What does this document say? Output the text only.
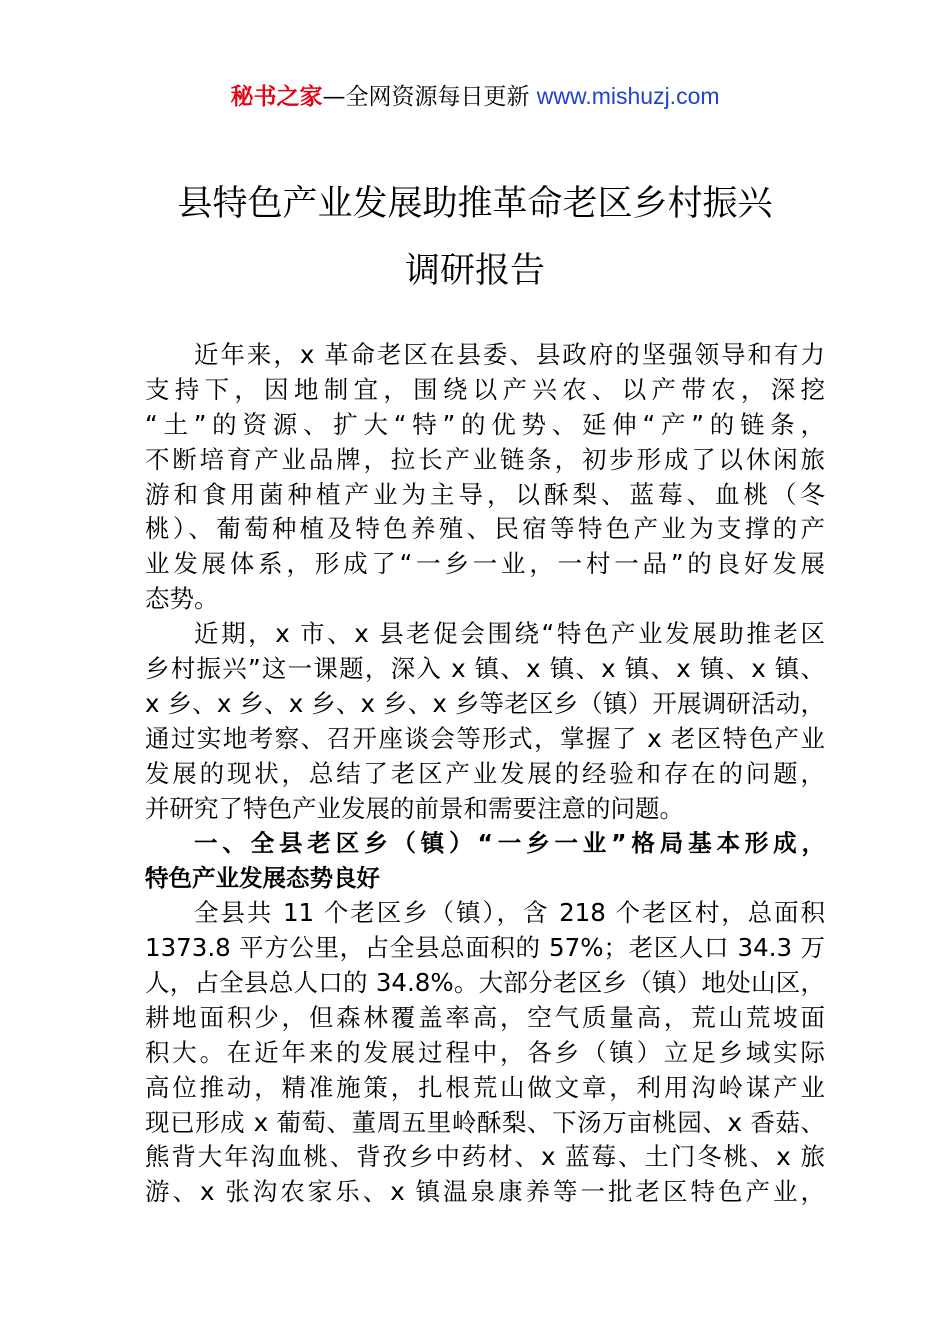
秘书之家—全网资源每日更新 www.mishuzj.com
县特色产业发展助推革命老区乡村振兴
调研报告
近年来，x 革命老区在县委、县政府的坚强领导和有力
支持下，因地制宜，围绕以产兴农、以产带农，深挖
“土”的资源、扩大“特”的优势、延伸“产”的链条，
不断培育产业品牌，拉长产业链条，初步形成了以休闲旅
游和食用菌种植产业为主导，以酥梨、蓝莓、血桃（冬
桃）、葡萄种植及特色养殖、民宿等特色产业为支撑的产
业发展体系，形成了“一乡一业，一村一品”的良好发展
态势。
近期，x 市、x 县老促会围绕“特色产业发展助推老区
乡村振兴”这一课题，深入 x 镇、x 镇、x 镇、x 镇、x 镇、
x 乡、x 乡、x 乡、x 乡、x 乡等老区乡（镇）开展调研活动，
通过实地考察、召开座谈会等形式，掌握了 x 老区特色产业
发展的现状，总结了老区产业发展的经验和存在的问题，
并研究了特色产业发展的前景和需要注意的问题。
一、全县老区乡（镇）“一乡一业”格局基本形成，
特色产业发展态势良好
全县共 11 个老区乡（镇），含 218 个老区村，总面积
1373.8 平方公里，占全县总面积的 57%；老区人口 34.3 万
人，占全县总人口的 34.8%。大部分老区乡（镇）地处山区，
耕地面积少，但森林覆盖率高，空气质量高，荒山荒坡面
积大。在近年来的发展过程中，各乡（镇）立足乡域实际
高位推动，精准施策，扎根荒山做文章，利用沟岭谋产业
现已形成 x 葡萄、董周五里岭酥梨、下汤万亩桃园、x 香菇、
熊背大年沟血桃、背孜乡中药材、x 蓝莓、土门冬桃、x 旅
游、x 张沟农家乐、x 镇温泉康养等一批老区特色产业，
